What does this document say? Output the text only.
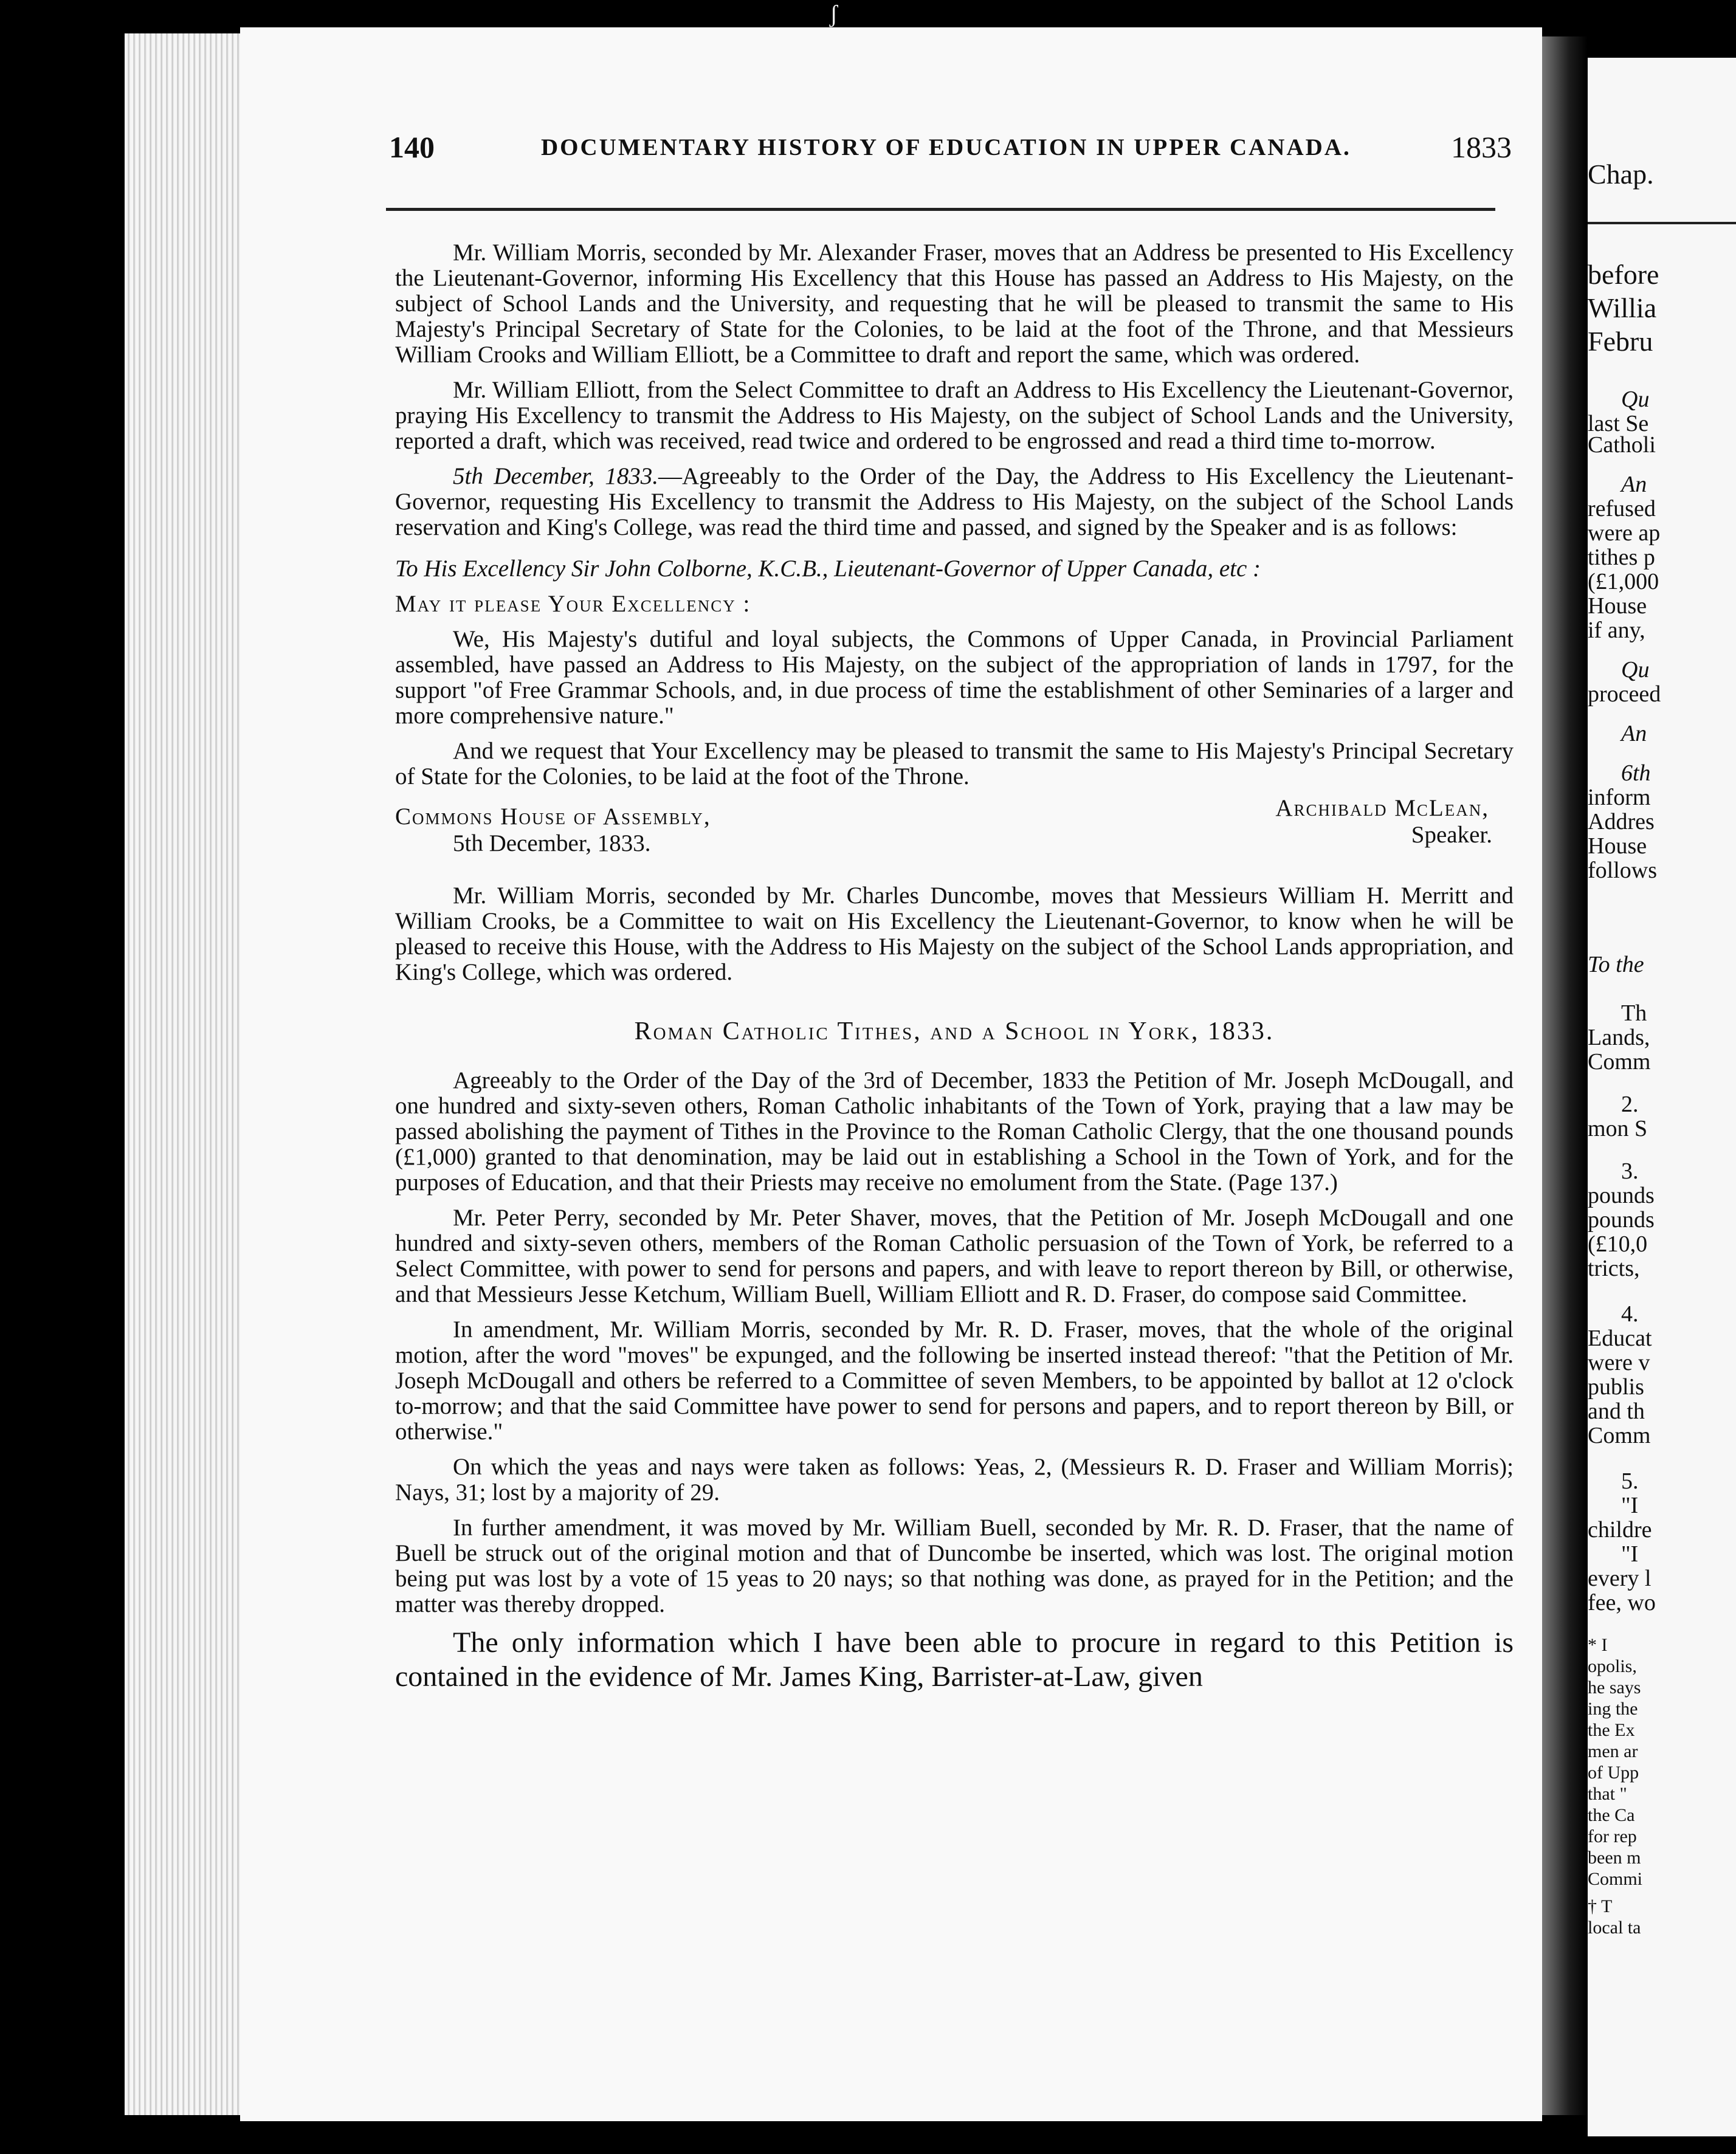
ʃ
140	DOCUMENTARY HISTORY OF EDUCATION IN UPPER CANADA.	1833

Mr. William Morris, seconded by Mr. Alexander Fraser, moves that an Address be presented to His Excellency the Lieutenant-Governor, informing His Excellency that this House has passed an Address to His Majesty, on the subject of School Lands and the University, and requesting that he will be pleased to transmit the same to His Majesty's Principal Secretary of State for the Colonies, to be laid at the foot of the Throne, and that Messieurs William Crooks and William Elliott, be a Committee to draft and report the same, which was ordered.

Mr. William Elliott, from the Select Committee to draft an Address to His Excellency the Lieutenant-Governor, praying His Excellency to transmit the Address to His Majesty, on the subject of School Lands and the University, reported a draft, which was received, read twice and ordered to be engrossed and read a third time to-morrow.

5th December, 1833.—Agreeably to the Order of the Day, the Address to His Excellency the Lieutenant-Governor, requesting His Excellency to transmit the Address to His Majesty, on the subject of the School Lands reservation and King's College, was read the third time and passed, and signed by the Speaker and is as follows:

To His Excellency Sir John Colborne, K.C.B., Lieutenant-Governor of Upper Canada, etc :

May it please Your Excellency :

We, His Majesty's dutiful and loyal subjects, the Commons of Upper Canada, in Provincial Parliament assembled, have passed an Address to His Majesty, on the subject of the appropriation of lands in 1797, for the support "of Free Grammar Schools, and, in due process of time the establishment of other Seminaries of a larger and more comprehensive nature."

And we request that Your Excellency may be pleased to transmit the same to His Majesty's Principal Secretary of State for the Colonies, to be laid at the foot of the Throne.

Commons House of Assembly,
5th December, 1833.
Archibald McLean,
Speaker.

Mr. William Morris, seconded by Mr. Charles Duncombe, moves that Messieurs William H. Merritt and William Crooks, be a Committee to wait on His Excellency the Lieutenant-Governor, to know when he will be pleased to receive this House, with the Address to His Majesty on the subject of the School Lands appropriation, and King's College, which was ordered.

Roman Catholic Tithes, and a School in York, 1833.

Agreeably to the Order of the Day of the 3rd of December, 1833 the Petition of Mr. Joseph McDougall, and one hundred and sixty-seven others, Roman Catholic inhabitants of the Town of York, praying that a law may be passed abolishing the payment of Tithes in the Province to the Roman Catholic Clergy, that the one thousand pounds (£1,000) granted to that denomination, may be laid out in establishing a School in the Town of York, and for the purposes of Education, and that their Priests may receive no emolument from the State. (Page 137.)

Mr. Peter Perry, seconded by Mr. Peter Shaver, moves, that the Petition of Mr. Joseph McDougall and one hundred and sixty-seven others, members of the Roman Catholic persuasion of the Town of York, be referred to a Select Committee, with power to send for persons and papers, and with leave to report thereon by Bill, or otherwise, and that Messieurs Jesse Ketchum, William Buell, William Elliott and R. D. Fraser, do compose said Committee.

In amendment, Mr. William Morris, seconded by Mr. R. D. Fraser, moves, that the whole of the original motion, after the word "moves" be expunged, and the following be inserted instead thereof: "that the Petition of Mr. Joseph McDougall and others be referred to a Committee of seven Members, to be appointed by ballot at 12 o'clock to-morrow; and that the said Committee have power to send for persons and papers, and to report thereon by Bill, or otherwise."

On which the yeas and nays were taken as follows: Yeas, 2, (Messieurs R. D. Fraser and William Morris); Nays, 31; lost by a majority of 29.

In further amendment, it was moved by Mr. William Buell, seconded by Mr. R. D. Fraser, that the name of Buell be struck out of the original motion and that of Duncombe be inserted, which was lost. The original motion being put was lost by a vote of 15 yeas to 20 nays; so that nothing was done, as prayed for in the Petition; and the matter was thereby dropped.

The only information which I have been able to procure in regard to this Petition is contained in the evidence of Mr. James King, Barrister-at-Law, given

Chap.
before
Willia
Febru
Qu
last Se
Catholi
An
refused
were ap
tithes p
(£1,000
House
if any,
Qu
proceed
An
6th
inform
Addres
House
follows
To the
Th
Lands,
Comm
2.
mon S
3.
pounds
pounds
(£10,0
tricts,
4.
Educat
were v
publis
and th
Comm
5.
"I
childre
"I
every l
fee, wo
* I
opolis,
he says
ing the
the Ex
men ar
of Upp
that "
the Ca
for rep
been m
Commi
† T
local ta
